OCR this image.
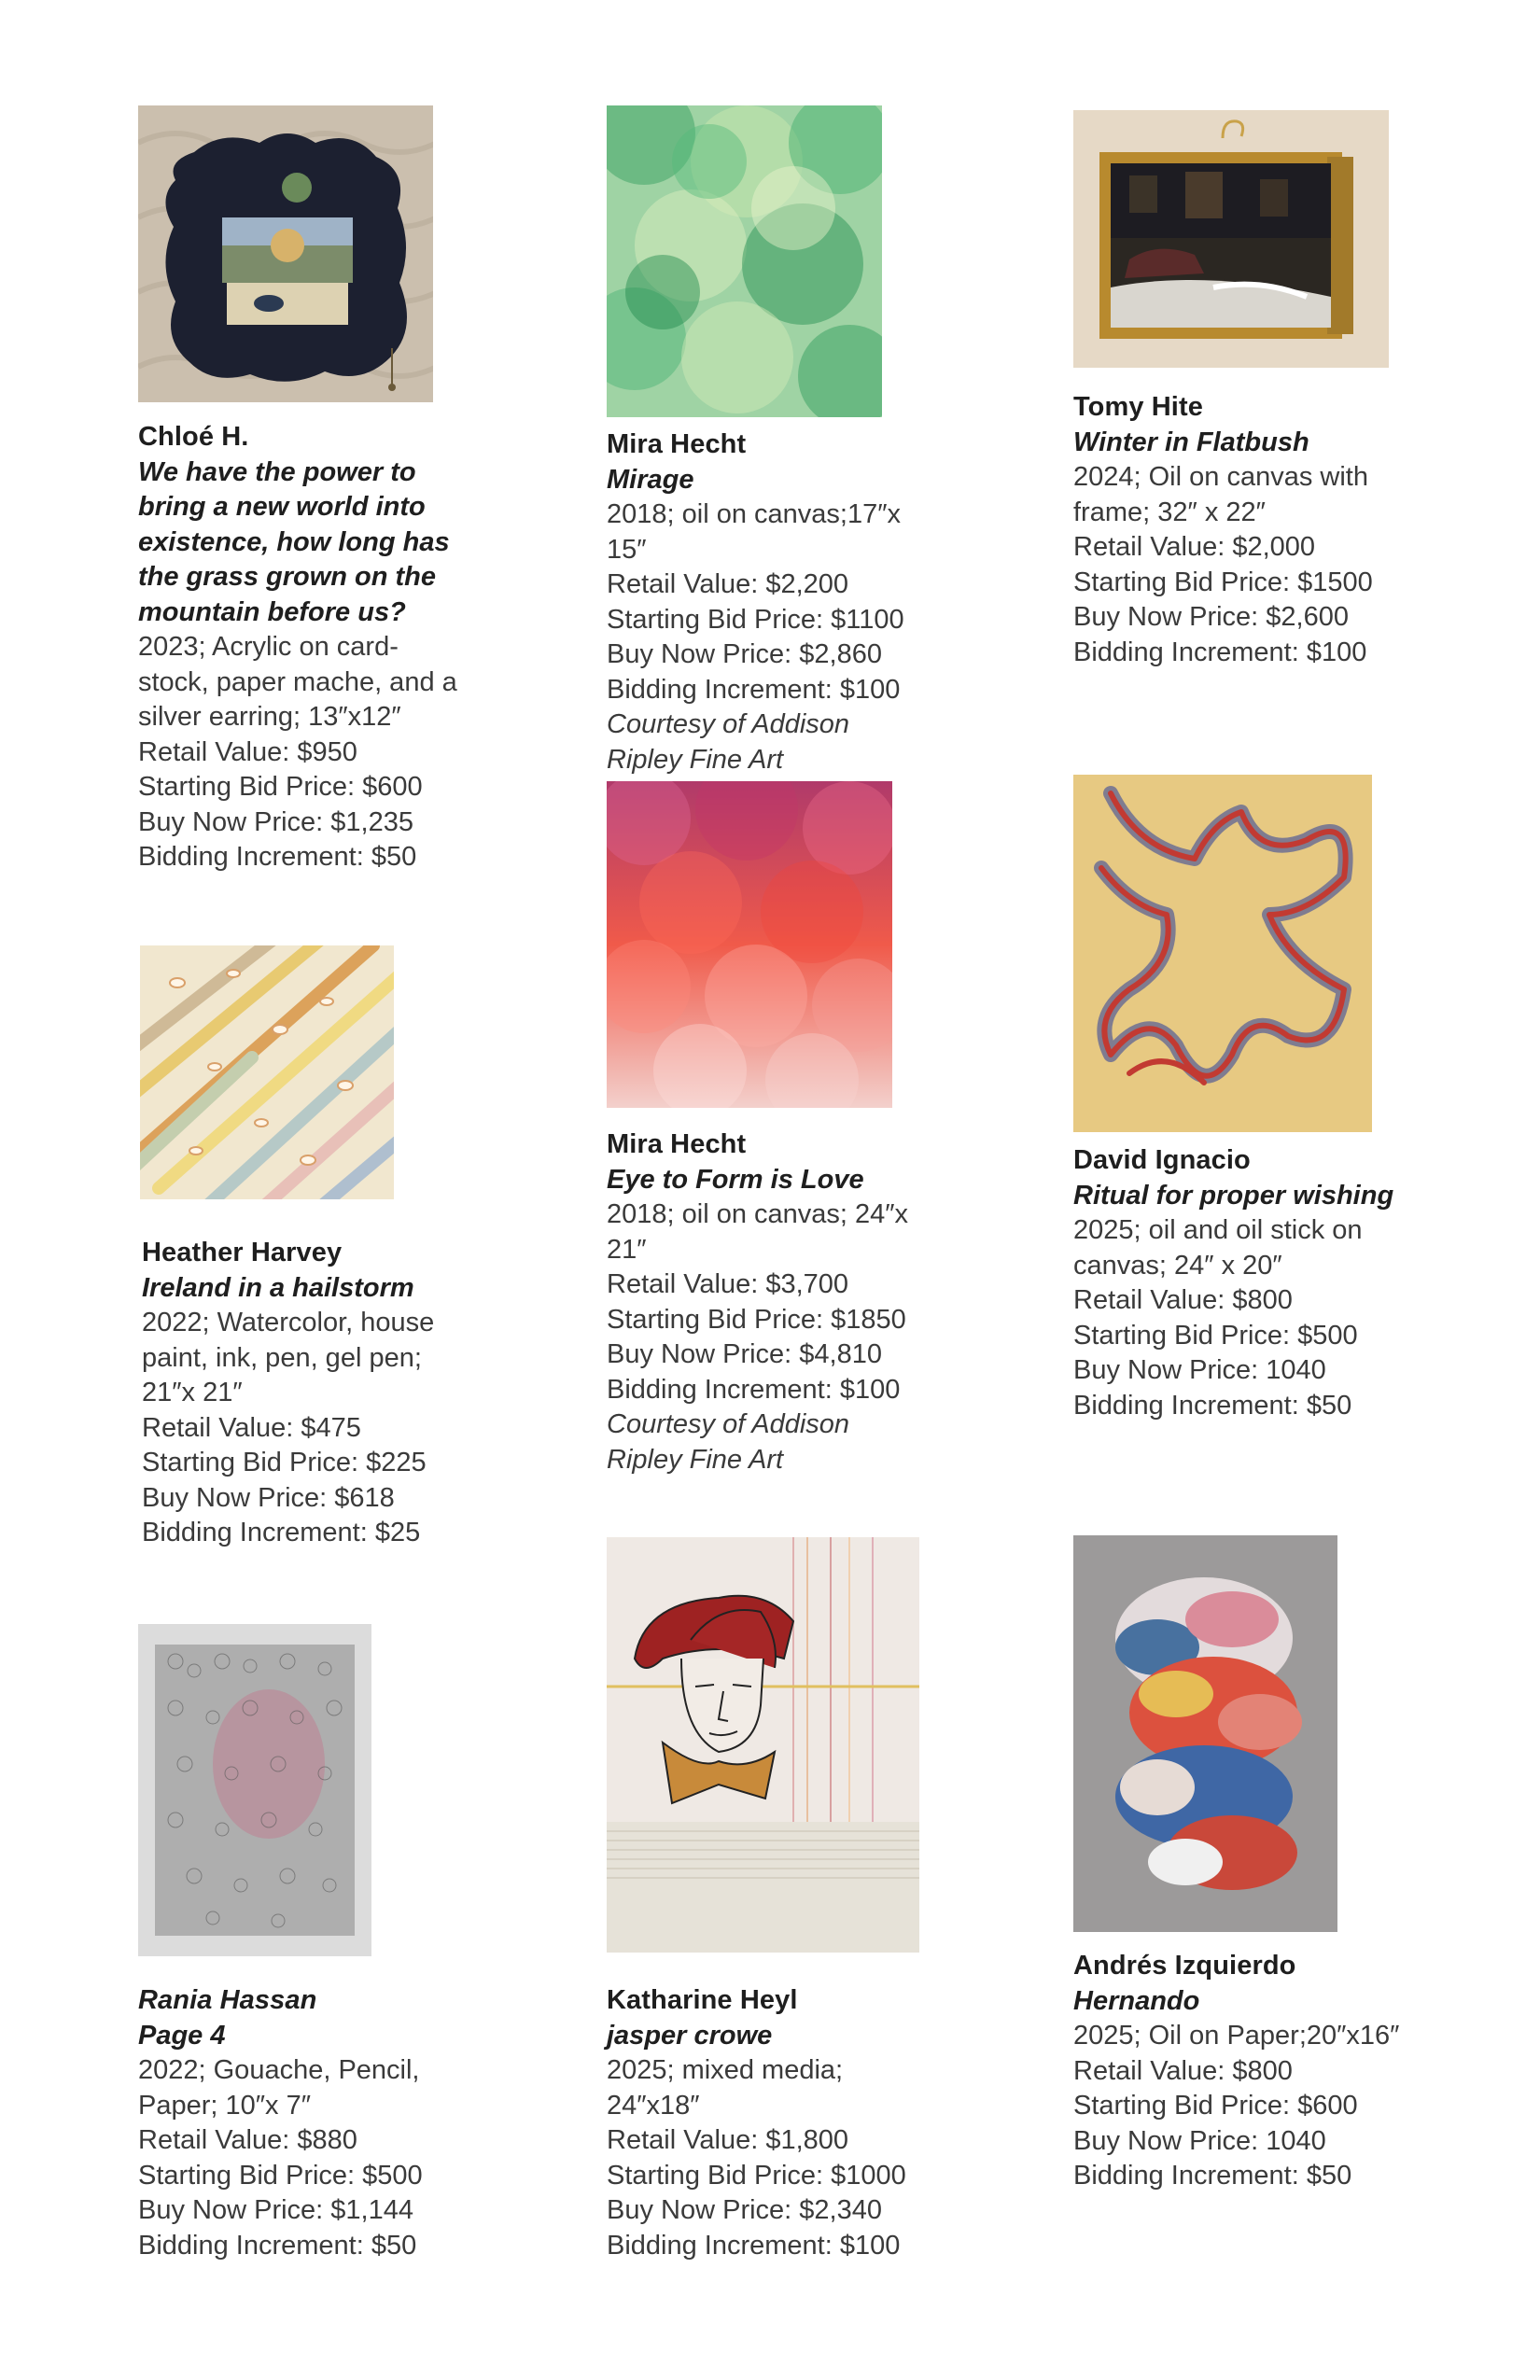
Chloé H.
We have the power to bring a new world into existence, how long has the grass grown on the mountain before us?
2023; Acrylic on card-stock, paper mache, and a silver earring; 13″x12″
Retail Value: $950
Starting Bid Price: $600
Buy Now Price: $1,235
Bidding Increment: $50
Mira Hecht
Mirage
2018; oil on canvas;17″x 15″
Retail Value: $2,200
Starting Bid Price: $1100
Buy Now Price: $2,860
Bidding Increment: $100
Courtesy of Addison Ripley Fine Art
Tomy Hite
Winter in Flatbush
2024; Oil on canvas with frame; 32″ x 22″
Retail Value: $2,000
Starting Bid Price: $1500
Buy Now Price: $2,600
Bidding Increment: $100
Heather Harvey
Ireland in a hailstorm
2022; Watercolor, house paint, ink, pen, gel pen; 21″x 21″
Retail Value: $475
Starting Bid Price: $225
Buy Now Price: $618
Bidding Increment: $25
Mira Hecht
Eye to Form is Love
2018; oil on canvas; 24″x 21″
Retail Value: $3,700
Starting Bid Price: $1850
Buy Now Price: $4,810
Bidding Increment: $100
Courtesy of Addison Ripley Fine Art
David Ignacio
Ritual for proper wishing
2025; oil and oil stick on canvas; 24″ x 20″
Retail Value: $800
Starting Bid Price: $500
Buy Now Price: 1040
Bidding Increment: $50
Rania Hassan
Page 4
2022; Gouache, Pencil, Paper; 10″x 7″
Retail Value: $880
Starting Bid Price: $500
Buy Now Price: $1,144
Bidding Increment: $50
Katharine Heyl
jasper crowe
2025; mixed media; 24″x18″
Retail Value: $1,800
Starting Bid Price: $1000
Buy Now Price: $2,340
Bidding Increment: $100
Andrés Izquierdo
Hernando
2025; Oil on Paper;20″x16″
Retail Value: $800
Starting Bid Price: $600
Buy Now Price: 1040
Bidding Increment: $50
